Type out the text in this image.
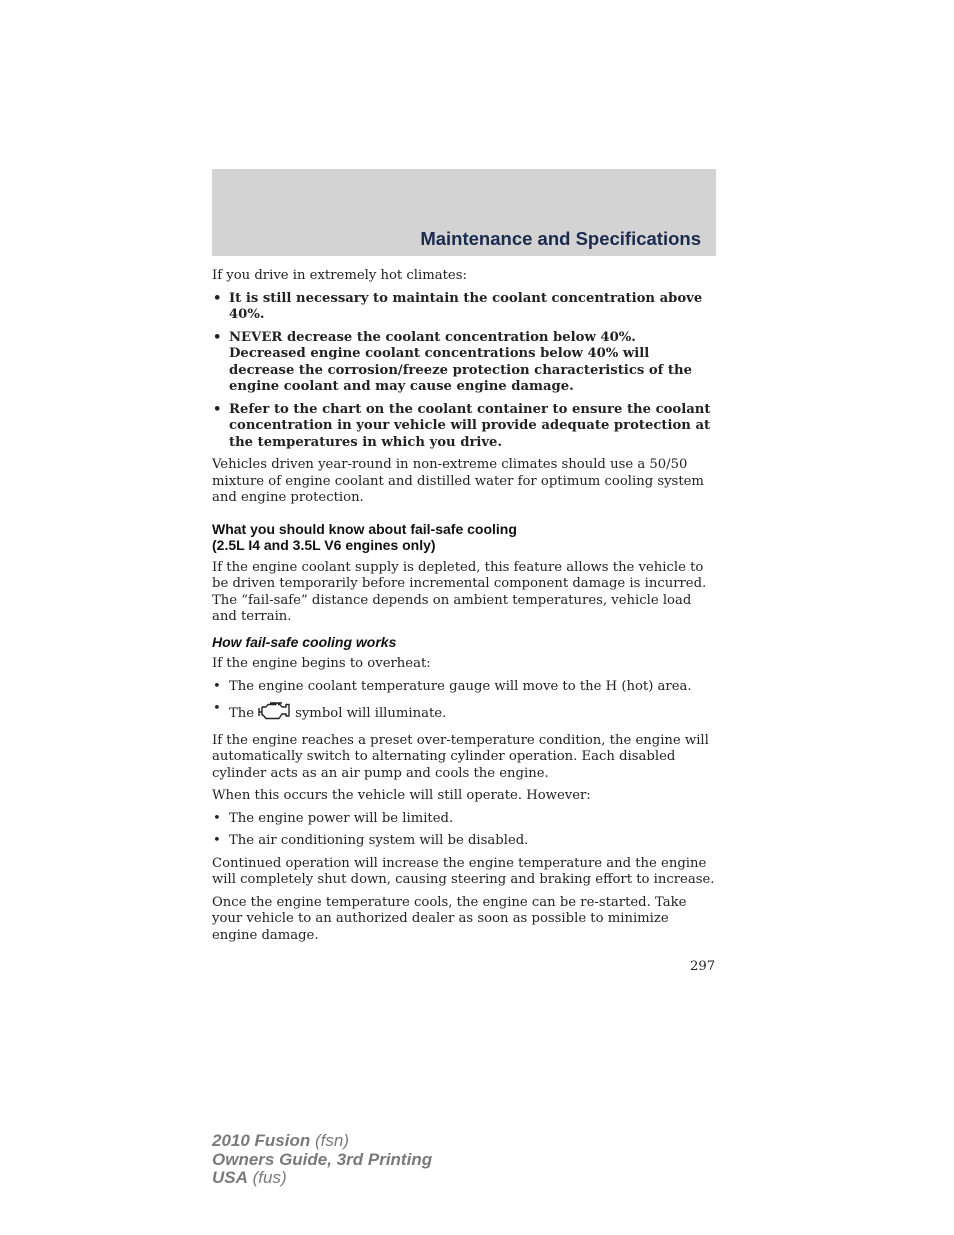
Maintenance and Specifications

If you drive in extremely hot climates:

• It is still necessary to maintain the coolant concentration above 40%.
• NEVER decrease the coolant concentration below 40%. Decreased engine coolant concentrations below 40% will decrease the corrosion/freeze protection characteristics of the engine coolant and may cause engine damage.
• Refer to the chart on the coolant container to ensure the coolant concentration in your vehicle will provide adequate protection at the temperatures in which you drive.

Vehicles driven year-round in non-extreme climates should use a 50/50 mixture of engine coolant and distilled water for optimum cooling system and engine protection.

What you should know about fail-safe cooling
(2.5L I4 and 3.5L V6 engines only)

If the engine coolant supply is depleted, this feature allows the vehicle to be driven temporarily before incremental component damage is incurred. The “fail-safe” distance depends on ambient temperatures, vehicle load and terrain.

How fail-safe cooling works

If the engine begins to overheat:

• The engine coolant temperature gauge will move to the H (hot) area.
• The	symbol will illuminate.

If the engine reaches a preset over-temperature condition, the engine will automatically switch to alternating cylinder operation. Each disabled cylinder acts as an air pump and cools the engine.

When this occurs the vehicle will still operate. However:

• The engine power will be limited.
• The air conditioning system will be disabled.

Continued operation will increase the engine temperature and the engine will completely shut down, causing steering and braking effort to increase.

Once the engine temperature cools, the engine can be re-started. Take your vehicle to an authorized dealer as soon as possible to minimize engine damage.

297
2010 Fusion (fsn)
Owners Guide, 3rd Printing
USA (fus)
